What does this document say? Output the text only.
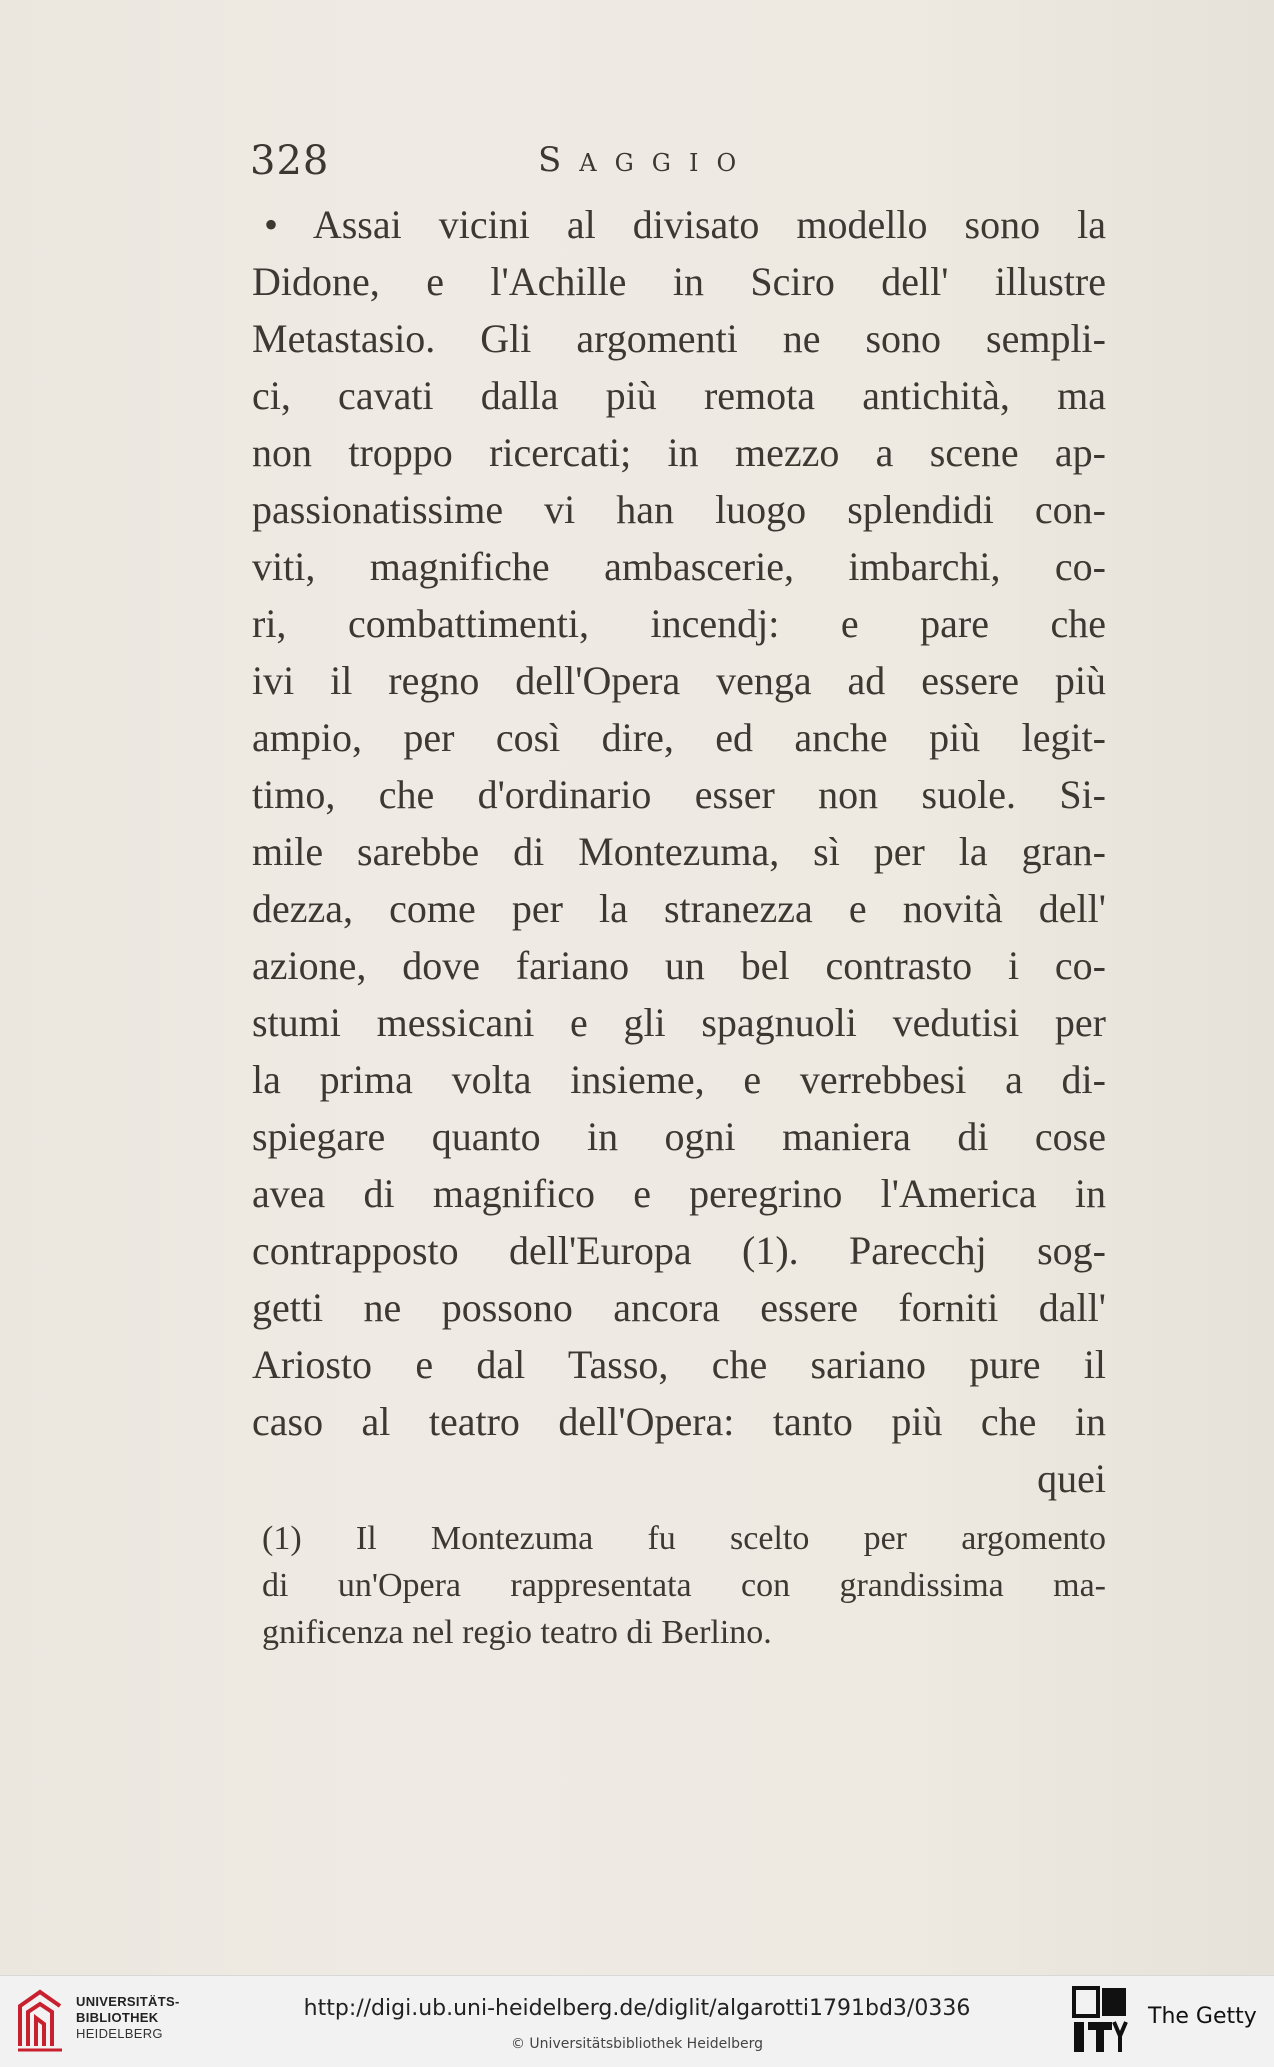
328	Saggio
• Assai vicini al divisato modello sono la
Didone, e l'Achille in Sciro dell' illustre
Metastasio. Gli argomenti ne sono sempli-
ci, cavati dalla più remota antichità, ma
non troppo ricercati; in mezzo a scene ap-
passionatissime vi han luogo splendidi con-
viti, magnifiche ambascerie, imbarchi, co-
ri, combattimenti, incendj: e pare che
ivi il regno dell'Opera venga ad essere più
ampio, per così dire, ed anche più legit-
timo, che d'ordinario esser non suole. Si-
mile sarebbe di Montezuma, sì per la gran-
dezza, come per la stranezza e novità dell'
azione, dove fariano un bel contrasto i co-
stumi messicani e gli spagnuoli vedutisi per
la prima volta insieme, e verrebbesi a di-
spiegare quanto in ogni maniera di cose
avea di magnifico e peregrino l'America in
contrapposto dell'Europa (1). Parecchj sog-
getti ne possono ancora essere forniti dall'
Ariosto e dal Tasso, che sariano pure il
caso al teatro dell'Opera: tanto più che in
quei
(1) Il Montezuma fu scelto per argomento
di un'Opera rappresentata con grandissima ma-
gnificenza nel regio teatro di Berlino.
UNIVERSITÄTS-
BIBLIOTHEK
HEIDELBERG
http://digi.ub.uni-heidelberg.de/diglit/algarotti1791bd3/0336
© Universitätsbibliothek Heidelberg
The Getty
